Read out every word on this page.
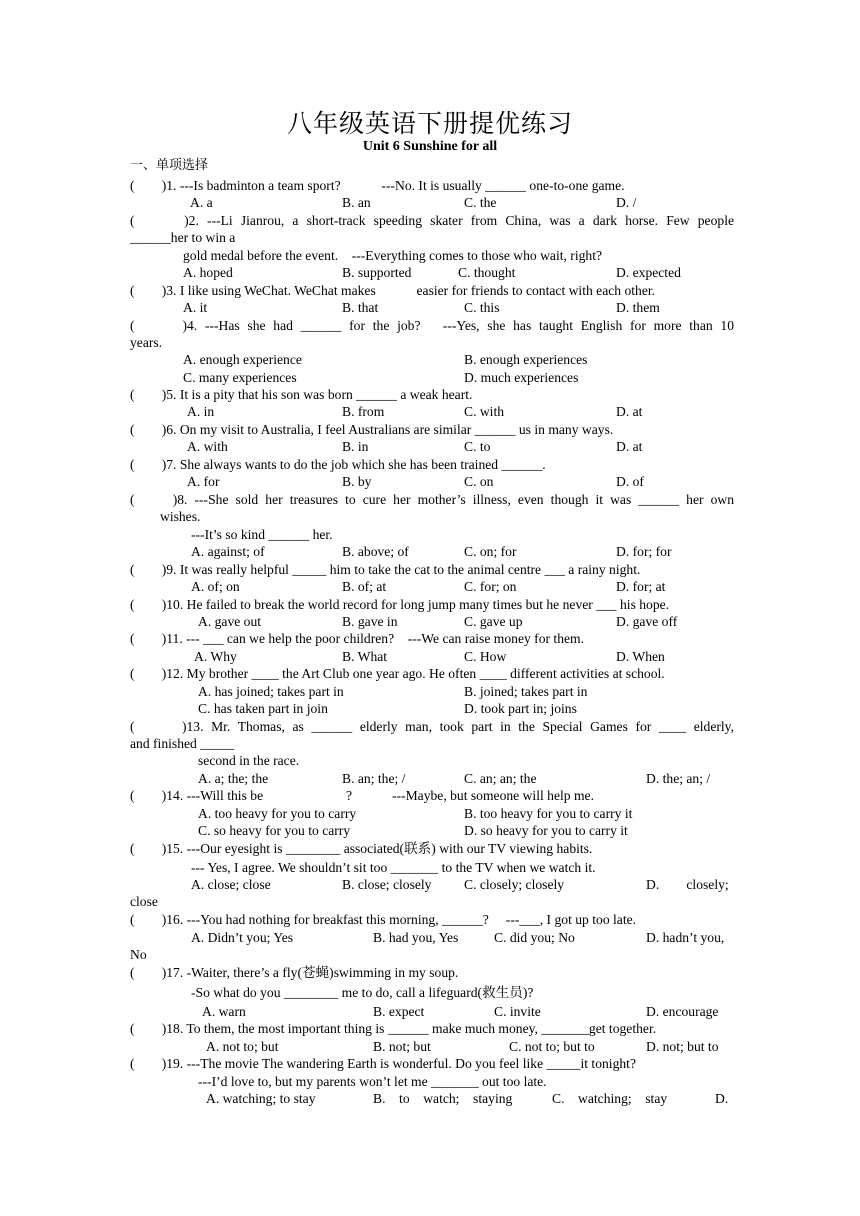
八年级英语下册提优练习
Unit 6 Sunshine for all
一、单项选择
(　　)1. ---Is badminton a team sport?　　　---No. It is usually ______ one-to-one game.
A. a	B. an	C. the	D. /
(　　 )2. ---Li Jianrou, a short-track speeding skater from China, was a dark horse. Few people
______her to win a
gold medal before the event.　---Everything comes to those who wait, right?
A. hoped	B. supported	C. thought	D. expected
(　　)3. I like using WeChat. WeChat makes　　　easier for friends to contact with each other.
A. it	B. that	C. this	D. them
(　　 )4. ---Has she had ______ for the job?　---Yes, she has taught English for more than 10
years.
A. enough experience	B. enough experiences
C. many experiences	D. much experiences
(　　)5. It is a pity that his son was born ______ a weak heart.
A. in	B. from	C. with	D. at
(　　)6. On my visit to Australia, I feel Australians are similar ______ us in many ways.
A. with	B. in	C. to	D. at
(　　)7. She always wants to do the job which she has been trained ______.
A. for	B. by	C. on	D. of
(　　)8. ---She sold her treasures to cure her mother’s illness, even though it was ______ her own
wishes.
---It’s so kind ______ her.
A. against; of	B. above; of	C. on; for	D. for; for
(　　)9. It was really helpful _____ him to take the cat to the animal centre ___ a rainy night.
A. of; on	B. of; at	C. for; on	D. for; at
(　　)10. He failed to break the world record for long jump many times but he never ___ his hope.
A. gave out	B. gave in	C. gave up	D. gave off
(　　)11. --- ___ can we help the poor children?　---We can raise money for them.
A. Why	B. What	C. How	D. When
(　　)12. My brother ____ the Art Club one year ago. He often ____ different activities at school.
A. has joined; takes part in	B. joined; takes part in
C. has taken part in join	D. took part in; joins
(　　 )13. Mr. Thomas, as ______ elderly man, took part in the Special Games for ____ elderly,
and finished _____
second in the race.
A. a; the; the	B. an; the; /	C. an; an; the	D. the; an; /
(　　)14. ---Will this be	?	---Maybe, but someone will help me.
A. too heavy for you to carry	B. too heavy for you to carry it
C. so heavy for you to carry	D. so heavy for you to carry it
(　　)15. ---Our eyesight is ________ associated(联系) with our TV viewing habits.
--- Yes, I agree. We shouldn’t sit too _______ to the TV when we watch it.
A. close; close	B. close; closely C. closely; closely	D.　　closely;
close
(　　)16. ---You had nothing for breakfast this morning, ______?　 ---___, I got up too late.
A. Didn’t you; Yes	B. had you, Yes	C. did you; No	D. hadn’t you,
No
(　　)17. -Waiter, there’s a fly(苍蝇)swimming in my soup.
-So what do you ________ me to do, call a lifeguard(救生员)?
A. warn	B. expect	C. invite	D. encourage
(　　)18. To them, the most important thing is ______ make much money, _______get together.
A. not to; but	B. not; but	C. not to; but to	D. not; but to
(　　)19. ---The movie The wandering Earth is wonderful. Do you feel like _____it tonight?
---I’d love to, but my parents won’t let me _______ out too late.
A. watching; to stay	B.　to　watch;　staying	C.　watching;　stay	D.
